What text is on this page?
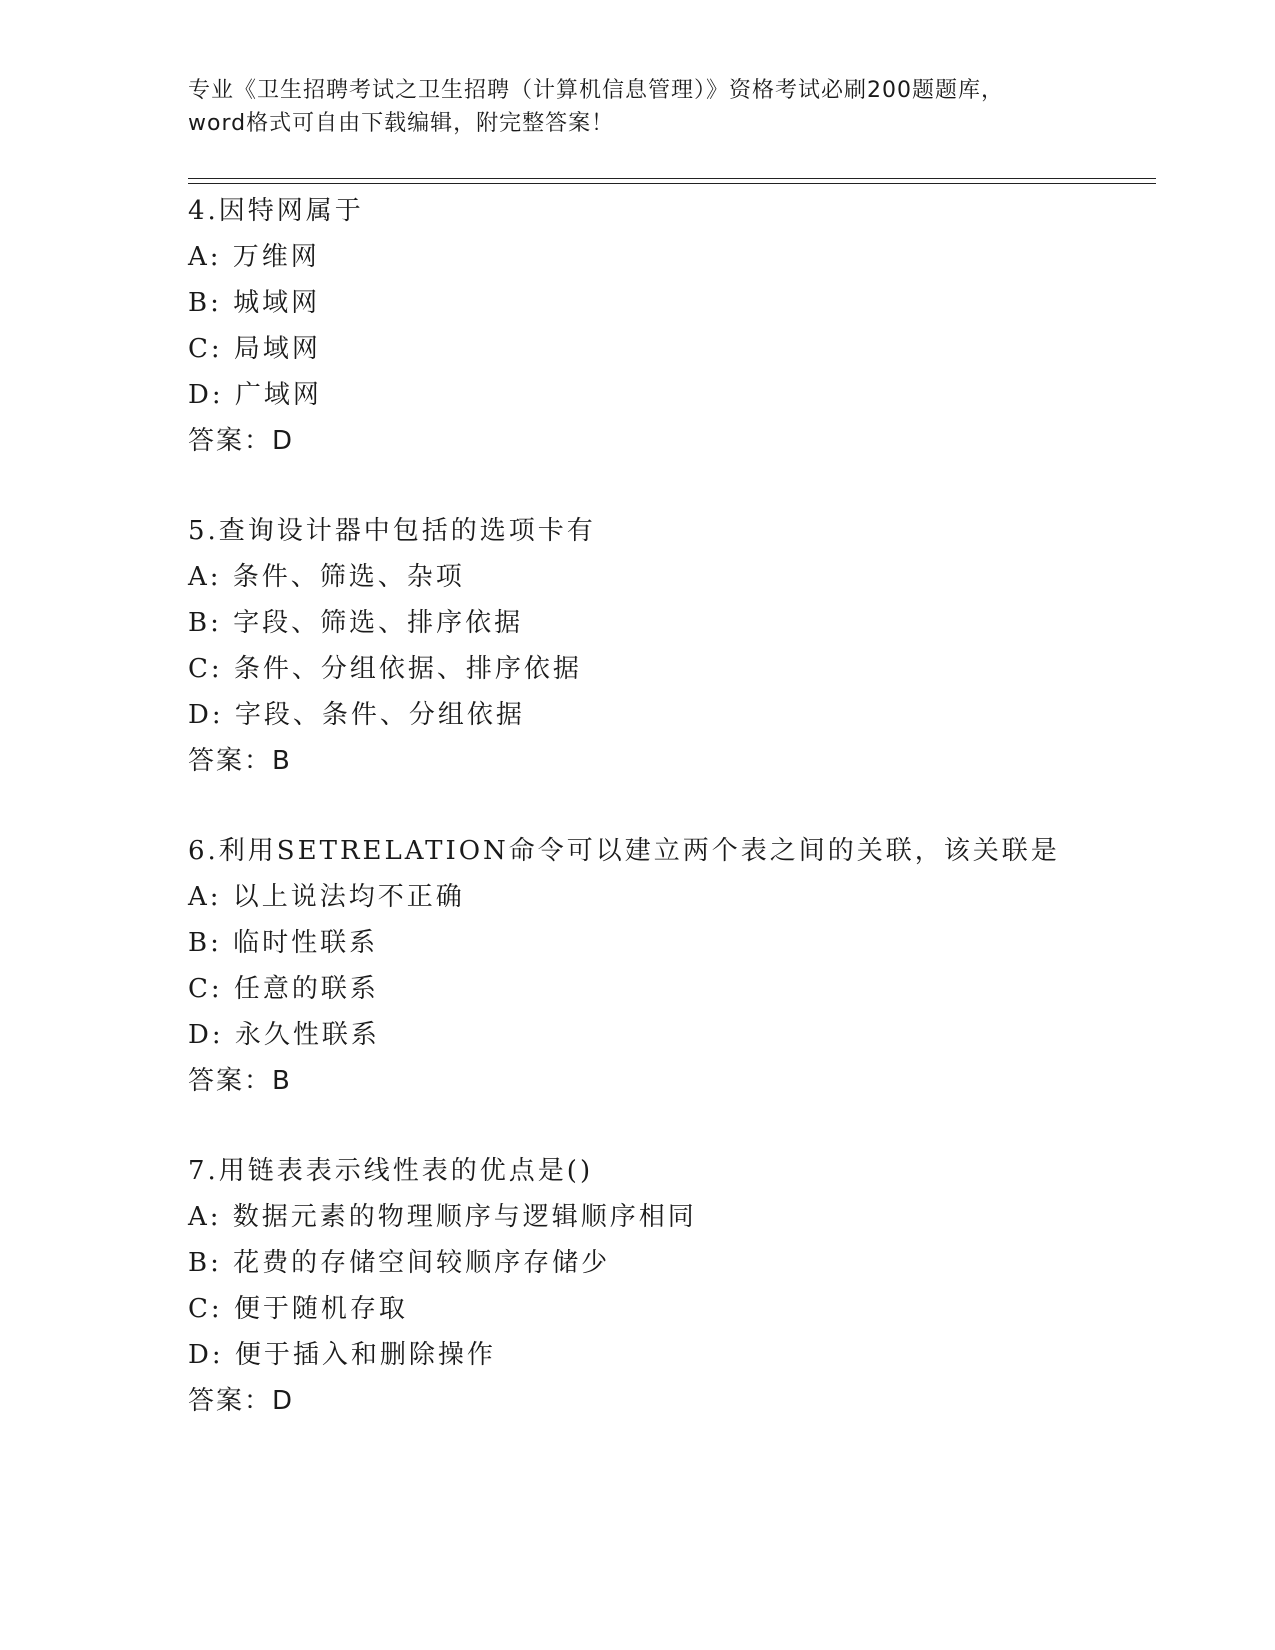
专业《卫生招聘考试之卫生招聘（计算机信息管理）》资格考试必刷200题题库，
word格式可自由下载编辑，附完整答案！
4.因特网属于
A: 万维网
B: 城域网
C: 局域网
D: 广域网
答案：D
5.查询设计器中包括的选项卡有
A: 条件、筛选、杂项
B: 字段、筛选、排序依据
C: 条件、分组依据、排序依据
D: 字段、条件、分组依据
答案：B
6.利用SETRELATION命令可以建立两个表之间的关联，该关联是
A: 以上说法均不正确
B: 临时性联系
C: 任意的联系
D: 永久性联系
答案：B
7.用链表表示线性表的优点是()
A: 数据元素的物理顺序与逻辑顺序相同
B: 花费的存储空间较顺序存储少
C: 便于随机存取
D: 便于插入和删除操作
答案：D
